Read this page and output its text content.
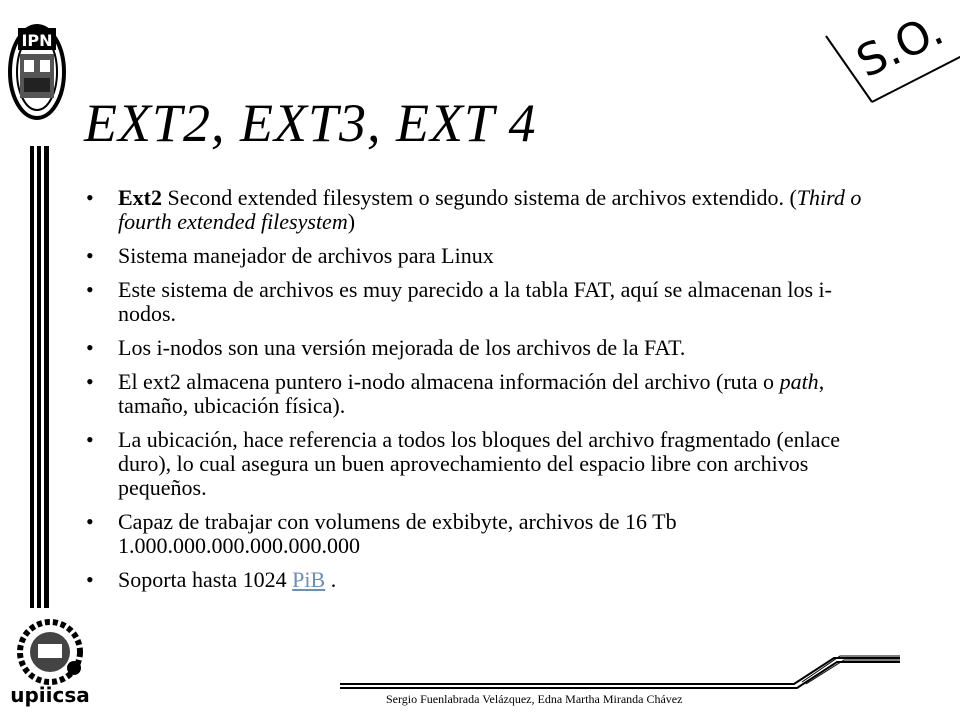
IPN	S.O.
EXT2, EXT3, EXT 4
• Ext2 Second extended filesystem o segundo sistema de archivos extendido. (Third o fourth extended filesystem)
• Sistema manejador de archivos para Linux
• Este sistema de archivos es muy parecido a la tabla FAT, aquí se almacenan los i-nodos.
• Los i-nodos son una versión mejorada de los archivos de la FAT.
• El ext2 almacena puntero i-nodo almacena información del archivo (ruta o path, tamaño, ubicación física).
• La ubicación, hace referencia a todos los bloques del archivo fragmentado (enlace duro), lo cual asegura un buen aprovechamiento del espacio libre con archivos pequeños.
• Capaz de trabajar con volumens de exbibyte, archivos de 16 Tb 1.000.000.000.000.000.000
• Soporta hasta 1024 PiB .
upiicsa	Sergio Fuenlabrada Velázquez, Edna Martha Miranda Chávez
